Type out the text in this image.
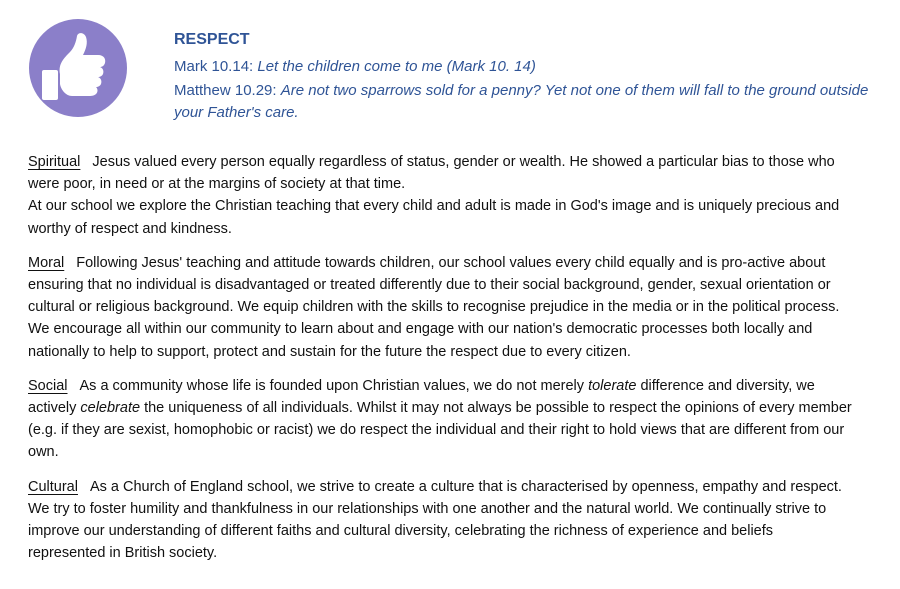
RESPECT
Mark 10.14: Let the children come to me (Mark 10. 14)
Matthew 10.29: Are not two sparrows sold for a penny? Yet not one of them will fall to the ground outside your Father's care.
Spiritual Jesus valued every person equally regardless of status, gender or wealth. He showed a particular bias to those who were poor, in need or at the margins of society at that time.
At our school we explore the Christian teaching that every child and adult is made in God's image and is uniquely precious and worthy of respect and kindness.
Moral Following Jesus' teaching and attitude towards children, our school values every child equally and is pro-active about ensuring that no individual is disadvantaged or treated differently due to their social background, gender, sexual orientation or cultural or religious background. We equip children with the skills to recognise prejudice in the media or in the political process. We encourage all within our community to learn about and engage with our nation's democratic processes both locally and nationally to help to support, protect and sustain for the future the respect due to every citizen.
Social As a community whose life is founded upon Christian values, we do not merely tolerate difference and diversity, we actively celebrate the uniqueness of all individuals. Whilst it may not always be possible to respect the opinions of every member (e.g. if they are sexist, homophobic or racist) we do respect the individual and their right to hold views that are different from our own.
Cultural As a Church of England school, we strive to create a culture that is characterised by openness, empathy and respect. We try to foster humility and thankfulness in our relationships with one another and the natural world. We continually strive to improve our understanding of different faiths and cultural diversity, celebrating the richness of experience and beliefs represented in British society.
